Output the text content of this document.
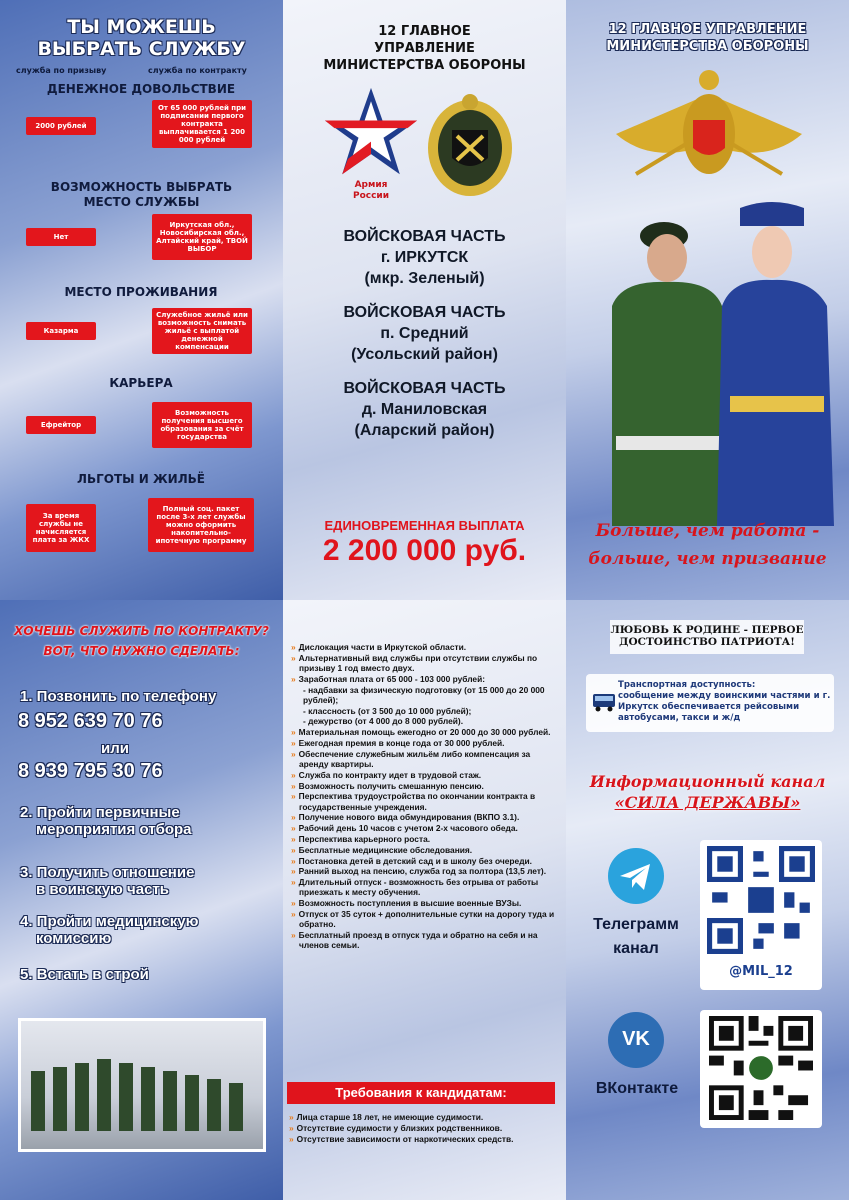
ТЫ МОЖЕШЬ
ВЫБРАТЬ СЛУЖБУ
служба по призыву	служба по контракту
ДЕНЕЖНОЕ ДОВОЛЬСТВИЕ
2000 рублей
От 65 000 рублей при подписании первого контракта выплачивается 1 200 000 рублей
ВОЗМОЖНОСТЬ ВЫБРАТЬ МЕСТО СЛУЖБЫ
Нет
Иркутская обл., Новосибирская обл., Алтайский край, ТВОЙ ВЫБОР
МЕСТО ПРОЖИВАНИЯ
Казарма
Служебное жильё или возможность снимать жильё с выплатой денежной компенсации
КАРЬЕРА
Ефрейтор
Возможность получения высшего образования за счёт государства
ЛЬГОТЫ И ЖИЛЬЁ
За время службы не начисляется плата за ЖКХ
Полный соц. пакет после 3-х лет службы можно оформить накопительно-ипотечную программу
12 ГЛАВНОЕ
УПРАВЛЕНИЕ
МИНИСТЕРСТВА ОБОРОНЫ
Армия
России
ВОЙСКОВАЯ ЧАСТЬ
г. ИРКУТСК
(мкр. Зеленый)
ВОЙСКОВАЯ ЧАСТЬ
п. Средний
(Усольский район)
ВОЙСКОВАЯ ЧАСТЬ
д. Маниловская
(Аларский район)
ЕДИНОВРЕМЕННАЯ ВЫПЛАТА
2 200 000 руб.
12 ГЛАВНОЕ УПРАВЛЕНИЕ
МИНИСТЕРСТВА ОБОРОНЫ
Больше, чем работа -
больше, чем призвание
ХОЧЕШЬ СЛУЖИТЬ ПО КОНТРАКТУ?
ВОТ, ЧТО НУЖНО СДЕЛАТЬ:
1. Позвонить по телефону
8 952 639 70 76
или
8 939 795 30 76
2. Пройти первичные
мероприятия отбора
3. Получить отношение
в воинскую часть
4. Пройти медицинскую
комиссию
5. Встать в строй
» Дислокация части в Иркутской области.
» Альтернативный вид службы при отсутствии службы по призыву 1 год вместо двух.
» Заработная плата от 65 000 - 103 000 рублей:
- надбавки за физическую подготовку (от 15 000 до 20 000 рублей);
- классность (от 3 500 до 10 000 рублей);
- дежурство (от 4 000 до 8 000 рублей).
» Материальная помощь ежегодно от 20 000 до 30 000 рублей.
» Ежегодная премия в конце года от 30 000 рублей.
» Обеспечение служебным жильём либо компенсация за аренду квартиры.
» Служба по контракту идет в трудовой стаж.
» Возможность получить смешанную пенсию.
» Перспектива трудоустройства по окончании контракта в государственные учреждения.
» Получение нового вида обмундирования (ВКПО 3.1).
» Рабочий день 10 часов с учетом 2-х часового обеда.
» Перспектива карьерного роста.
» Бесплатные медицинские обследования.
» Постановка детей в детский сад и в школу без очереди.
» Ранний выход на пенсию, служба год за полтора (13,5 лет).
» Длительный отпуск - возможность без отрыва от работы приезжать к месту обучения.
» Возможность поступления в высшие военные ВУЗы.
» Отпуск от 35 суток + дополнительные сутки на дорогу туда и обратно.
» Бесплатный проезд в отпуск туда и обратно на себя и на членов семьи.
Требования к кандидатам:
» Лица старше 18 лет, не имеющие судимости.
» Отсутствие судимости у близких родственников.
» Отсутствие зависимости от наркотических средств.
ЛЮБОВЬ К РОДИНЕ - ПЕРВОЕ
ДОСТОИНСТВО ПАТРИОТА!
Транспортная доступность:
сообщение между воинскими частями и г. Иркутск обеспечивается рейсовыми автобусами, такси и ж/д
Информационный канал
«СИЛА ДЕРЖАВЫ»
Телеграмм
канал
@MIL_12
VK
ВКонтакте
